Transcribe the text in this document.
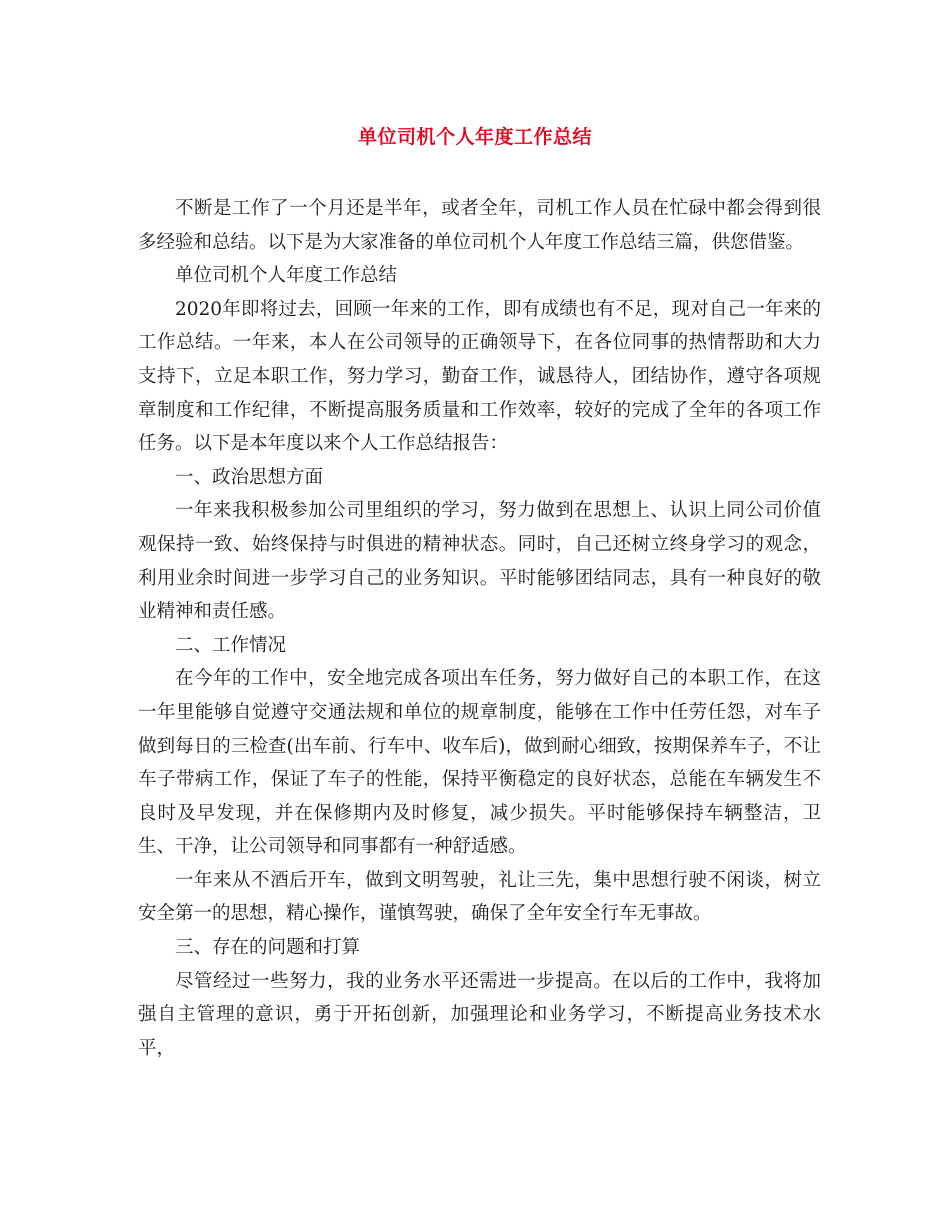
单位司机个人年度工作总结

不断是工作了一个月还是半年，或者全年，司机工作人员在忙碌中都会得到很多经验和总结。以下是为大家准备的单位司机个人年度工作总结三篇，供您借鉴。

单位司机个人年度工作总结

2020年即将过去，回顾一年来的工作，即有成绩也有不足，现对自己一年来的工作总结。一年来，本人在公司领导的正确领导下，在各位同事的热情帮助和大力支持下，立足本职工作，努力学习，勤奋工作，诚恳待人，团结协作，遵守各项规章制度和工作纪律，不断提高服务质量和工作效率，较好的完成了全年的各项工作任务。以下是本年度以来个人工作总结报告：

一、政治思想方面

一年来我积极参加公司里组织的学习，努力做到在思想上、认识上同公司价值观保持一致、始终保持与时俱进的精神状态。同时，自己还树立终身学习的观念，利用业余时间进一步学习自己的业务知识。平时能够团结同志，具有一种良好的敬业精神和责任感。

二、工作情况

在今年的工作中，安全地完成各项出车任务，努力做好自己的本职工作，在这一年里能够自觉遵守交通法规和单位的规章制度，能够在工作中任劳任怨，对车子做到每日的三检查(出车前、行车中、收车后)，做到耐心细致，按期保养车子，不让车子带病工作，保证了车子的性能，保持平衡稳定的良好状态，总能在车辆发生不良时及早发现，并在保修期内及时修复，减少损失。平时能够保持车辆整洁，卫生、干净，让公司领导和同事都有一种舒适感。

一年来从不酒后开车，做到文明驾驶，礼让三先，集中思想行驶不闲谈，树立安全第一的思想，精心操作，谨慎驾驶，确保了全年安全行车无事故。

三、存在的问题和打算

尽管经过一些努力，我的业务水平还需进一步提高。在以后的工作中，我将加强自主管理的意识，勇于开拓创新，加强理论和业务学习，不断提高业务技术水平，
